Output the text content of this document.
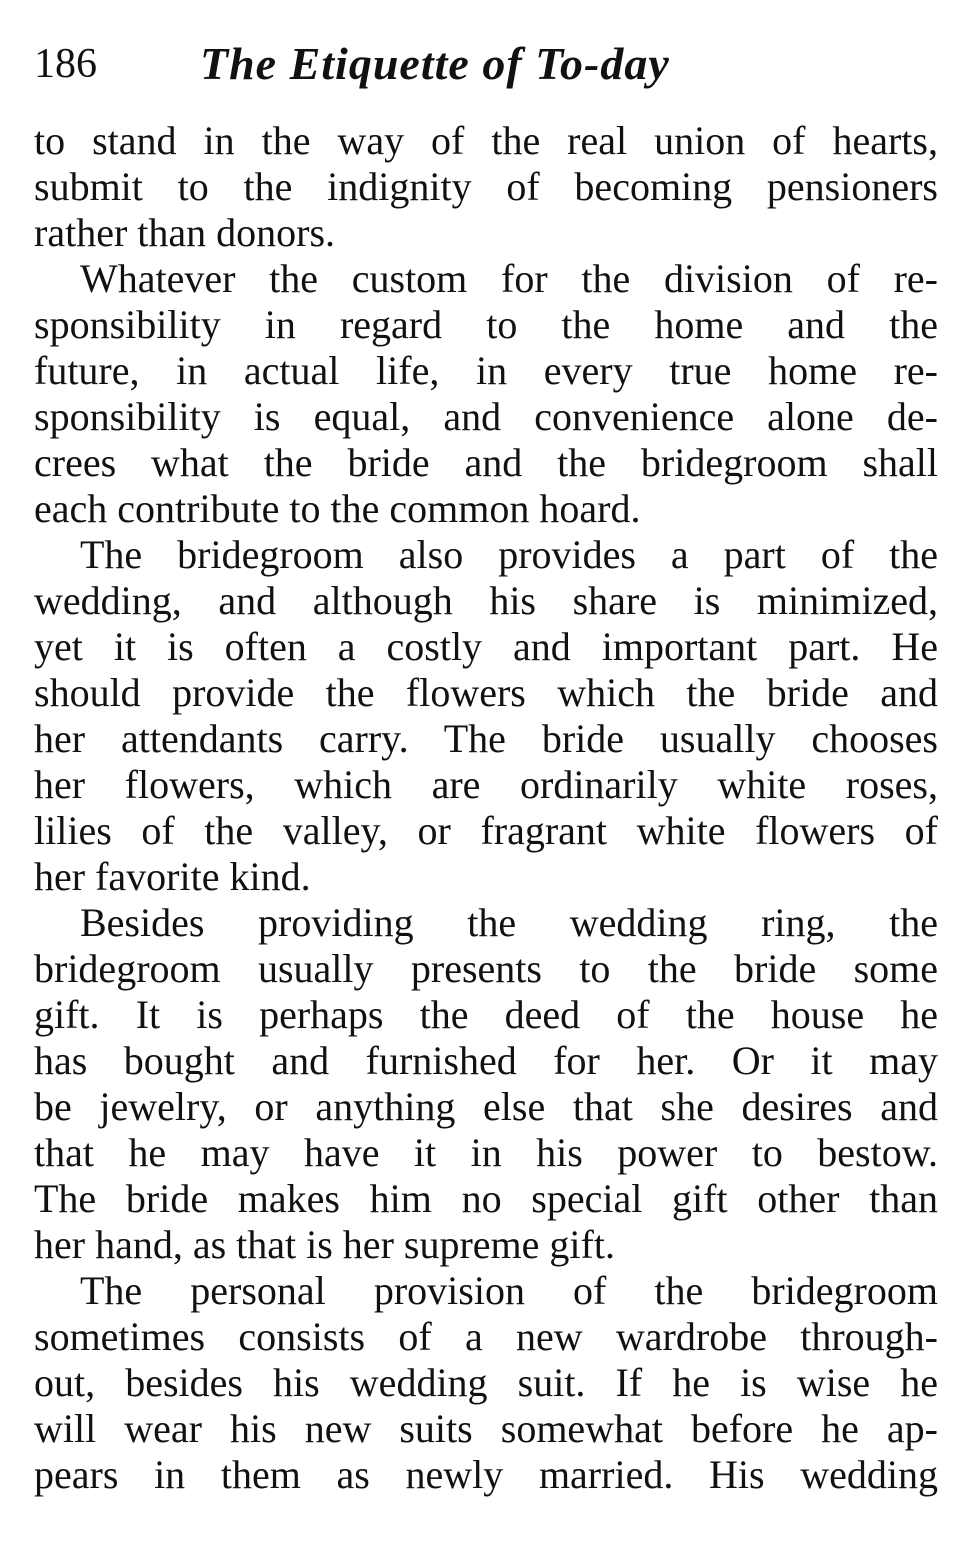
186 The Etiquette of To-day
to stand in the way of the real union of hearts,
submit to the indignity of becoming pensioners
rather than donors.
Whatever the custom for the division of re-
sponsibility in regard to the home and the
future, in actual life, in every true home re-
sponsibility is equal, and convenience alone de-
crees what the bride and the bridegroom shall
each contribute to the common hoard.
The bridegroom also provides a part of the
wedding, and although his share is minimized,
yet it is often a costly and important part. He
should provide the flowers which the bride and
her attendants carry. The bride usually chooses
her flowers, which are ordinarily white roses,
lilies of the valley, or fragrant white flowers of
her favorite kind.
Besides providing the wedding ring, the
bridegroom usually presents to the bride some
gift. It is perhaps the deed of the house he
has bought and furnished for her. Or it may
be jewelry, or anything else that she desires and
that he may have it in his power to bestow.
The bride makes him no special gift other than
her hand, as that is her supreme gift.
The personal provision of the bridegroom
sometimes consists of a new wardrobe through-
out, besides his wedding suit. If he is wise he
will wear his new suits somewhat before he ap-
pears in them as newly married. His wedding
